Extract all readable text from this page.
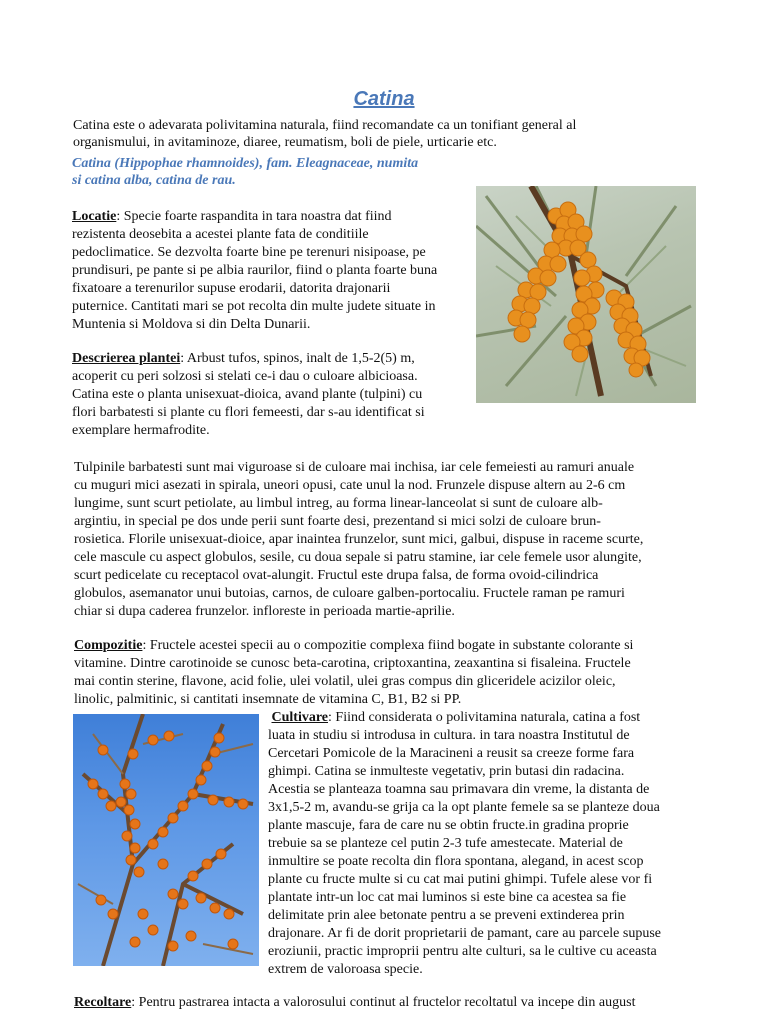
Catina
Catina este o adevarata polivitamina naturala, fiind recomandate ca un tonifiant general al
organismului, in avitaminoze, diaree, reumatism, boli de piele, urticarie etc.
Catina (Hippophae rhamnoides), fam. Eleagnaceae, numita
si catina alba, catina de rau.
Locatie: Specie foarte raspandita in tara noastra dat fiind
rezistenta deosebita a acestei plante fata de conditiile
pedoclimatice. Se dezvolta foarte bine pe terenuri nisipoase, pe
prundisuri, pe pante si pe albia raurilor, fiind o planta foarte buna
fixatoare a terenurilor supuse erodarii, datorita drajonarii
puternice. Cantitati mari se pot recolta din multe judete situate in
Muntenia si Moldova si din Delta Dunarii.
Descrierea plantei: Arbust tufos, spinos, inalt de 1,5-2(5) m,
acoperit cu peri solzosi si stelati ce-i dau o culoare albicioasa.
Catina este o planta unisexuat-dioica, avand plante (tulpini) cu
flori barbatesti si plante cu flori femeesti, dar s-au identificat si
exemplare hermafrodite.
Tulpinile barbatesti sunt mai viguroase si de culoare mai inchisa, iar cele femeiesti au ramuri anuale
cu muguri mici asezati in spirala, uneori opusi, cate unul la nod. Frunzele dispuse altern au 2-6 cm
lungime, sunt scurt petiolate, au limbul intreg, au forma linear-lanceolat si sunt de culoare alb-
argintiu, in special pe dos unde perii sunt foarte desi, prezentand si mici solzi de culoare brun-
rosietica. Florile unisexuat-dioice, apar inaintea frunzelor, sunt mici, galbui, dispuse in raceme scurte,
cele mascule cu aspect globulos, sesile, cu doua sepale si patru stamine, iar cele femele usor alungite,
scurt pedicelate cu receptacol ovat-alungit. Fructul este drupa falsa, de forma ovoid-cilindrica
globulos, asemanator unui butoias, carnos, de culoare galben-portocaliu. Fructele raman pe ramuri
chiar si dupa caderea frunzelor. infloreste in perioada martie-aprilie.
Compozitie: Fructele acestei specii au o compozitie complexa fiind bogate in substante colorante si
vitamine. Dintre carotinoide se cunosc beta-carotina, criptoxantina, zeaxantina si fisaleina. Fructele
mai contin sterine, flavone, acid folie, ulei volatil, ulei gras compus din gliceridele acizilor oleic,
linolic, palmitinic, si cantitati insemnate de vitamina C, B1, B2 si PP.
Cultivare: Fiind considerata o polivitamina naturala, catina a fost
luata in studiu si introdusa in cultura. in tara noastra Institutul de
Cercetari Pomicole de la Maracineni a reusit sa creeze forme fara
ghimpi. Catina se inmulteste vegetativ, prin butasi din radacina.
Acestia se planteaza toamna sau primavara din vreme, la distanta de
3x1,5-2 m, avandu-se grija ca la opt plante femele sa se planteze doua
plante mascuje, fara de care nu se obtin fructe.in gradina proprie
trebuie sa se planteze cel putin 2-3 tufe amestecate. Material de
inmultire se poate recolta din flora spontana, alegand, in acest scop
plante cu fructe multe si cu cat mai putini ghimpi. Tufele alese vor fi
plantate intr-un loc cat mai luminos si este bine ca acestea sa fie
delimitate prin alee betonate pentru a se preveni extinderea prin
drajonare. Ar fi de dorit proprietarii de pamant, care au parcele supuse
eroziunii, practic improprii pentru alte culturi, sa le cultive cu aceasta
extrem de valoroasa specie.
Recoltare: Pentru pastrarea intacta a valorosului continut al fructelor recoltatul va incepe din august
